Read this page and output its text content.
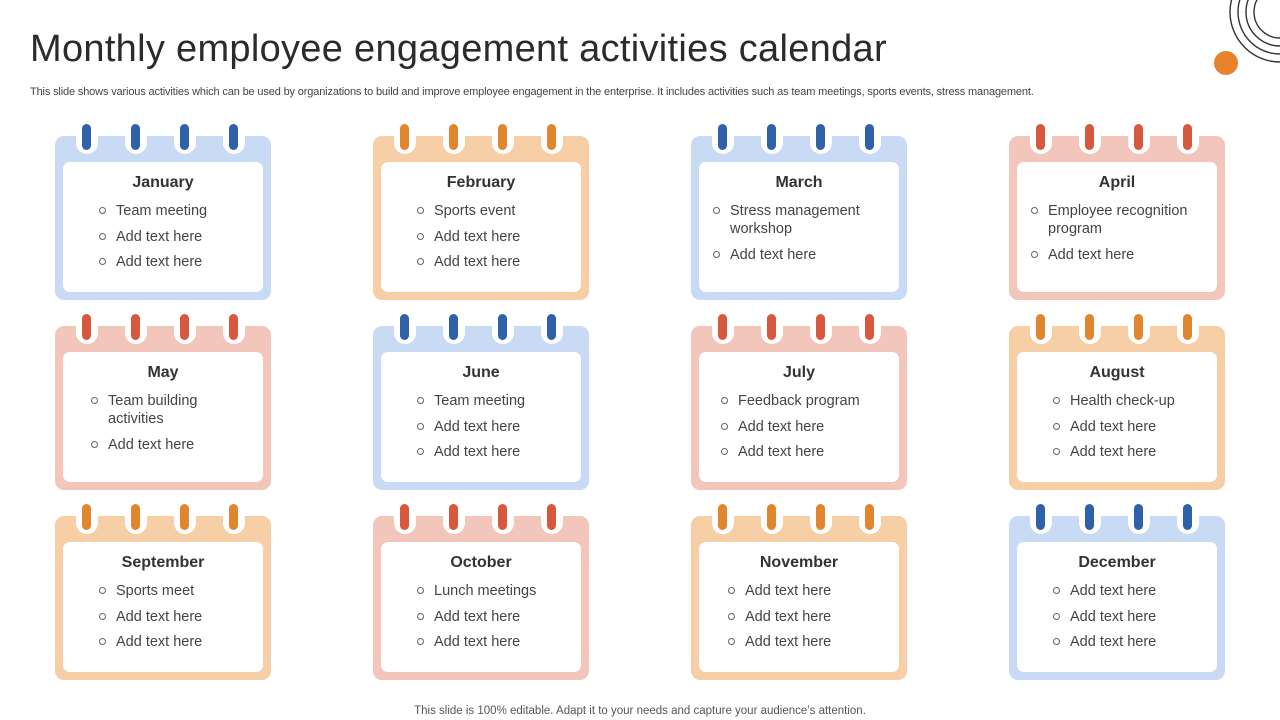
Monthly employee engagement activities calendar
This slide shows various activities which can be used by organizations to build and improve employee engagement in the enterprise. It includes activities such as team meetings, sports events, stress management.
January
Team meeting
Add text here
Add text here
February
Sports event
Add text here
Add text here
March
Stress management workshop
Add text here
April
Employee recognition program
Add text here
May
Team building activities
Add text here
June
Team meeting
Add text here
Add text here
July
Feedback program
Add text here
Add text here
August
Health check-up
Add text here
Add text here
September
Sports meet
Add text here
Add text here
October
Lunch meetings
Add text here
Add text here
November
Add text here
Add text here
Add text here
December
Add text here
Add text here
Add text here
This slide is 100% editable. Adapt it to your needs and capture your audience’s attention.
